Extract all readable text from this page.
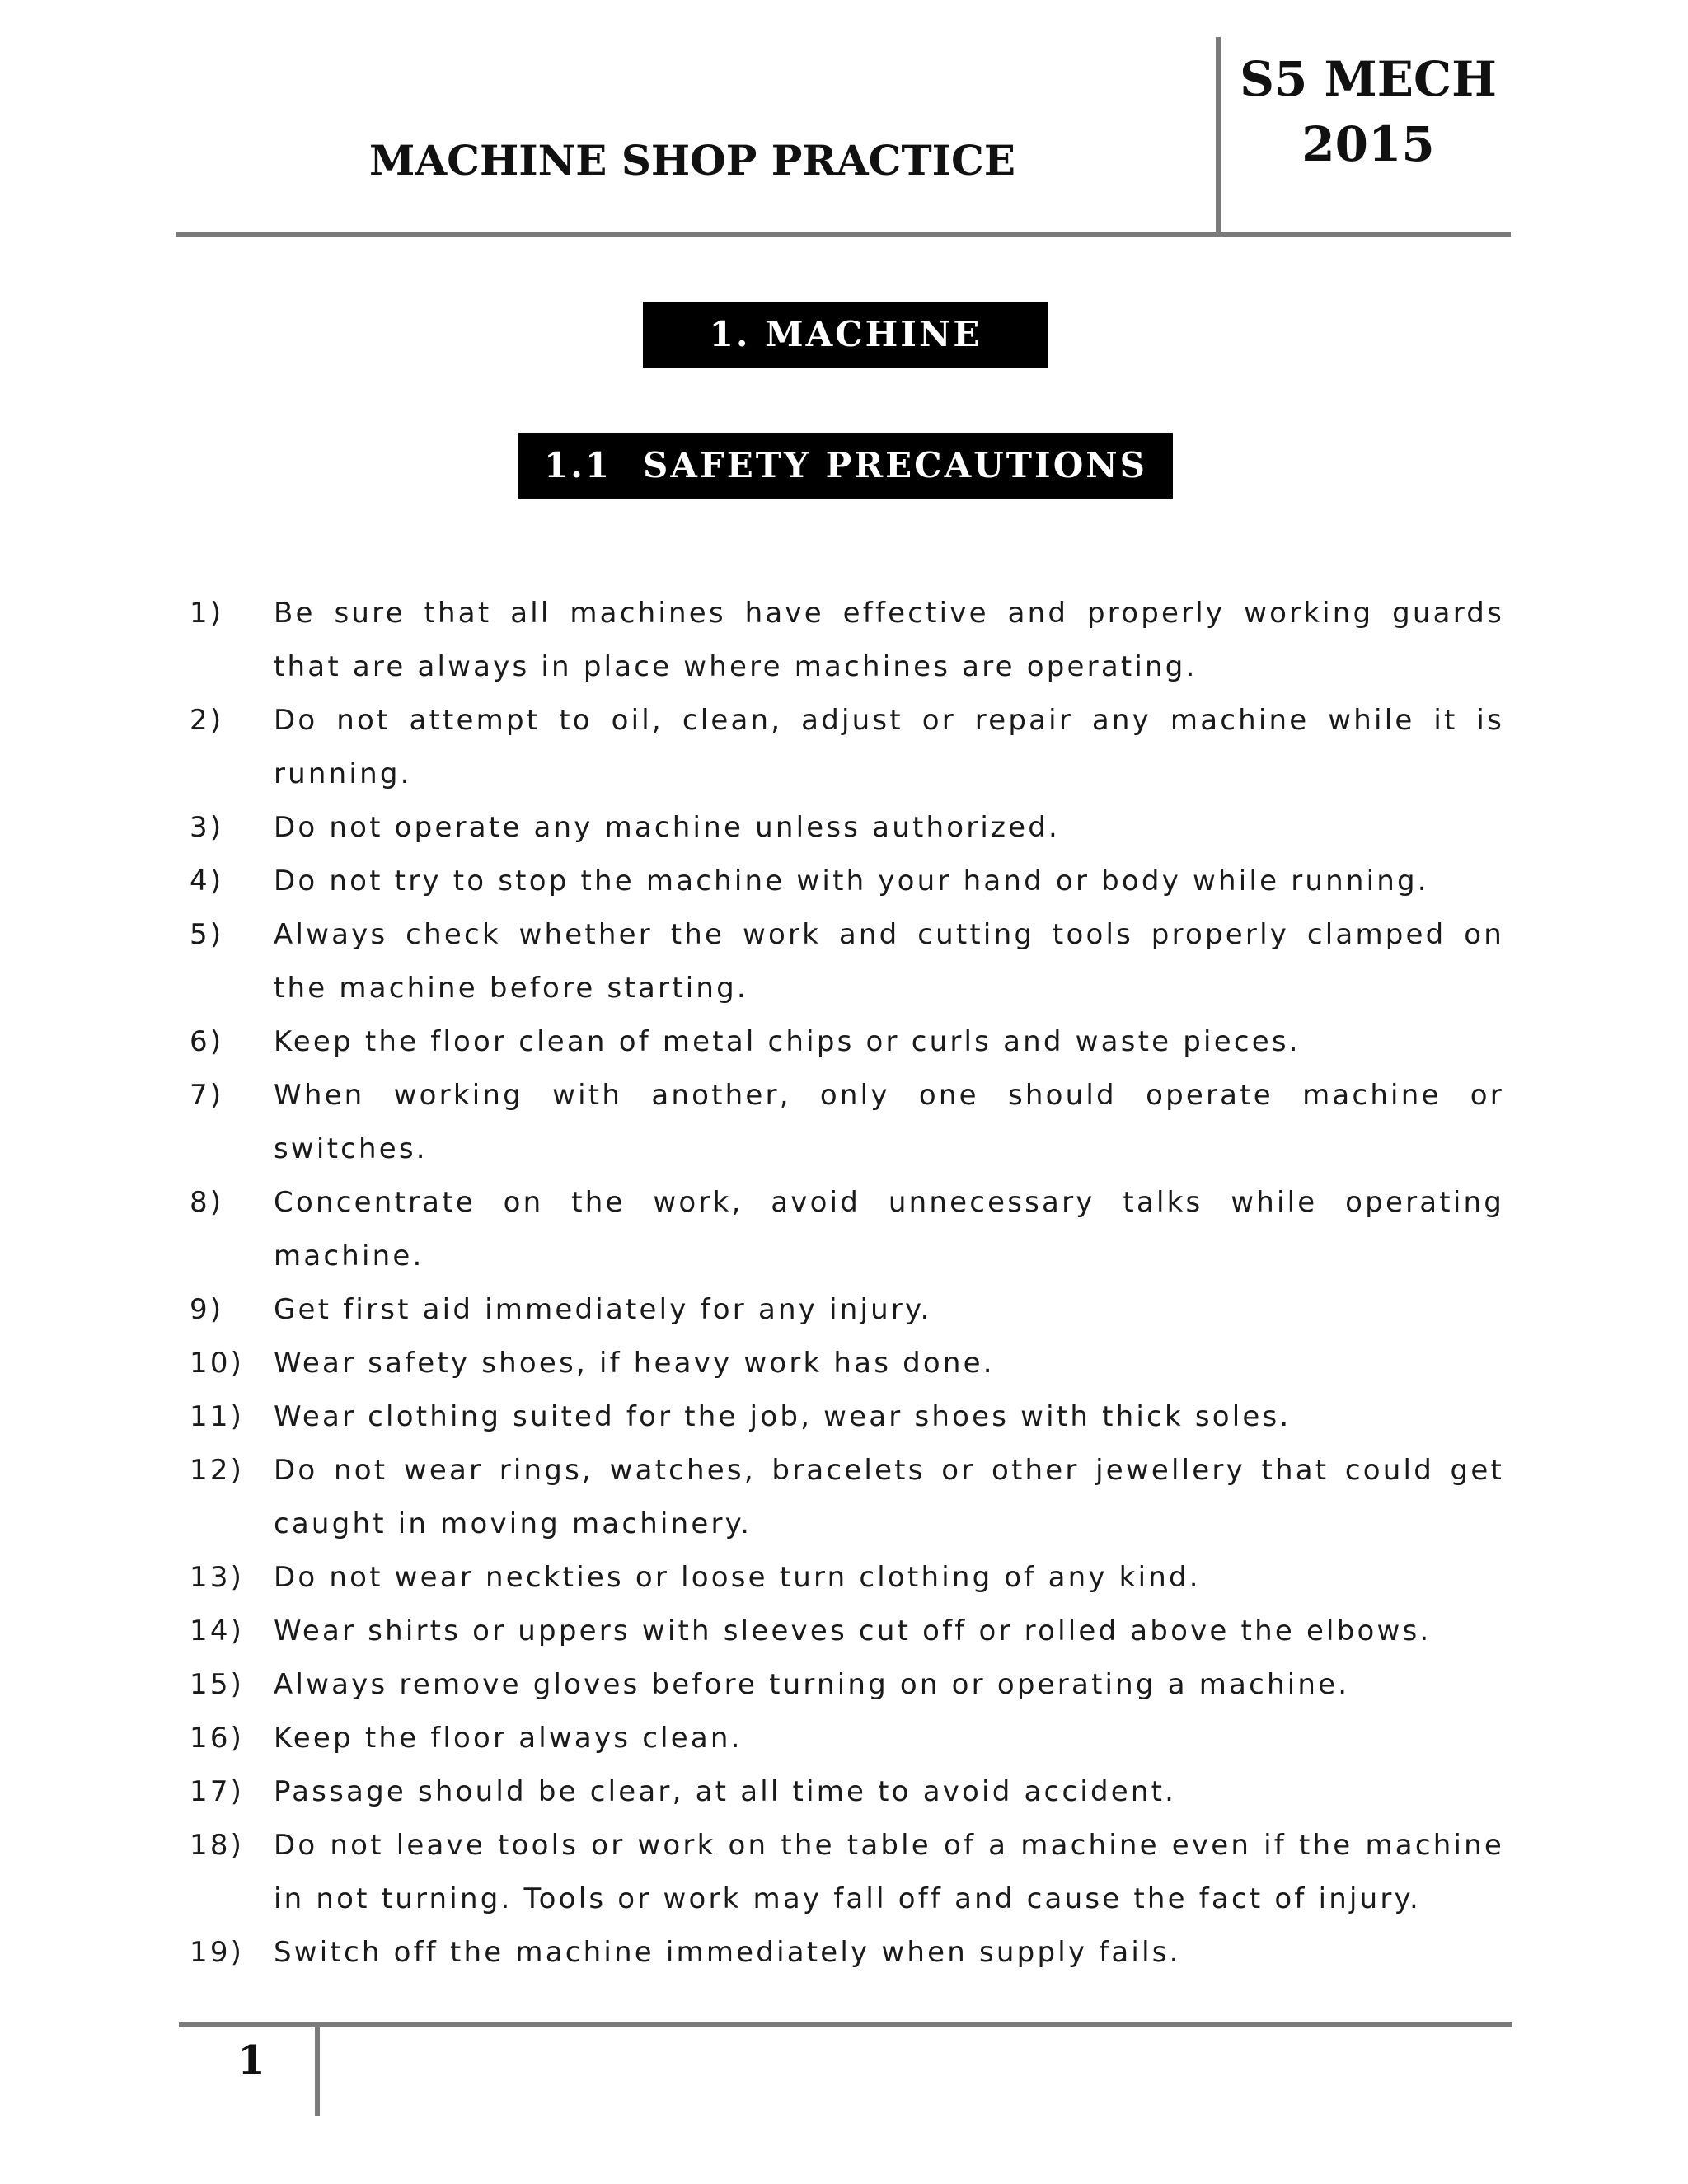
MACHINE SHOP PRACTICE
S5 MECH
2015
1. MACHINE SHOP
1.1 SAFETY PRECAUTIONS
1)	Be sure that all machines have effective and properly working guards that are always in place where machines are operating.
2)	Do not attempt to oil, clean, adjust or repair any machine while it is running.
3)	Do not operate any machine unless authorized.
4)	Do not try to stop the machine with your hand or body while running.
5)	Always check whether the work and cutting tools properly clamped on the machine before starting.
6)	Keep the floor clean of metal chips or curls and waste pieces.
7)	When working with another, only one should operate machine or switches.
8)	Concentrate on the work, avoid unnecessary talks while operating machine.
9)	Get first aid immediately for any injury.
10)	Wear safety shoes, if heavy work has done.
11)	Wear clothing suited for the job, wear shoes with thick soles.
12)	Do not wear rings, watches, bracelets or other jewellery that could get caught in moving machinery.
13)	Do not wear neckties or loose turn clothing of any kind.
14)	Wear shirts or uppers with sleeves cut off or rolled above the elbows.
15)	Always remove gloves before turning on or operating a machine.
16)	Keep the floor always clean.
17)	Passage should be clear, at all time to avoid accident.
18)	Do not leave tools or work on the table of a machine even if the machine in not turning. Tools or work may fall off and cause the fact of injury.
19)	Switch off the machine immediately when supply fails.
1
